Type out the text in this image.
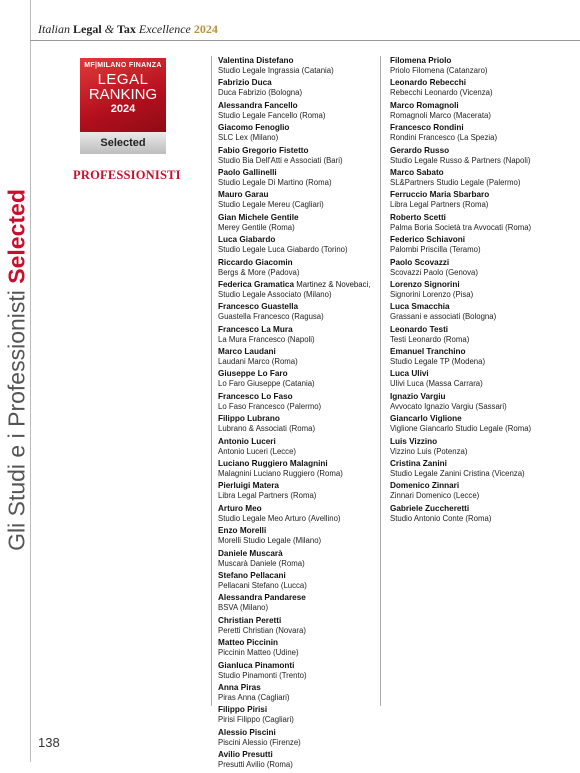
Italian Legal & Tax Excellence 2024
Gli Studi e i Professionisti Selected
MF|MILANO FINANZA
LEGAL
RANKING
2024
Selected
PROFESSIONISTI
Valentina Distefano
Studio Legale Ingrassia (Catania)
Fabrizio Duca
Duca Fabrizio (Bologna)
Alessandra Fancello
Studio Legale Fancello (Roma)
Giacomo Fenoglio
SLC Lex (Milano)
Fabio Gregorio Fistetto
Studio Bia Dell'Atti e Associati (Bari)
Paolo Gallinelli
Studio Legale Di Martino (Roma)
Mauro Garau
Studio Legale Mereu (Cagliari)
Gian Michele Gentile
Merey Gentile (Roma)
Luca Giabardo
Studio Legale Luca Giabardo (Torino)
Riccardo Giacomin
Bergs & More (Padova)
Federica Gramatica Martinez & Novebaci,
Studio Legale Associato (Milano)
Francesco Guastella
Guastella Francesco (Ragusa)
Francesco La Mura
La Mura Francesco (Napoli)
Marco Laudani
Laudani Marco (Roma)
Giuseppe Lo Faro
Lo Faro Giuseppe (Catania)
Francesco Lo Faso
Lo Faso Francesco (Palermo)
Filippo Lubrano
Lubrano & Associati (Roma)
Antonio Luceri
Antonio Luceri (Lecce)
Luciano Ruggiero Malagnini
Malagnini Luciano Ruggiero (Roma)
Pierluigi Matera
Libra Legal Partners (Roma)
Arturo Meo
Studio Legale Meo Arturo (Avellino)
Enzo Morelli
Morelli Studio Legale (Milano)
Daniele Muscarà
Muscarà Daniele (Roma)
Stefano Pellacani
Pellacani Stefano (Lucca)
Alessandra Pandarese
BSVA (Milano)
Christian Peretti
Peretti Christian (Novara)
Matteo Piccinin
Piccinin Matteo (Udine)
Gianluca Pinamonti
Studio Pinamonti (Trento)
Anna Piras
Piras Anna (Cagliari)
Filippo Pirisi
Pirisi Filippo (Cagliari)
Alessio Piscini
Piscini Alessio (Firenze)
Avilio Presutti
Presutti Avilio (Roma)
Filomena Priolo
Priolo Filomena (Catanzaro)
Leonardo Rebecchi
Rebecchi Leonardo (Vicenza)
Marco Romagnoli
Romagnoli Marco (Macerata)
Francesco Rondini
Rondini Francesco (La Spezia)
Gerardo Russo
Studio Legale Russo & Partners (Napoli)
Marco Sabato
SL&Partners Studio Legale (Palermo)
Ferruccio Maria Sbarbaro
Libra Legal Partners (Roma)
Roberto Scetti
Palma Boria Società tra Avvocati (Roma)
Federico Schiavoni
Palombi Priscilla (Teramo)
Paolo Scovazzi
Scovazzi Paolo (Genova)
Lorenzo Signorini
Signorini Lorenzo (Pisa)
Luca Smacchia
Grassani e associati (Bologna)
Leonardo Testi
Testi Leonardo (Roma)
Emanuel Tranchino
Studio Legale TP (Modena)
Luca Ulivi
Ulivi Luca (Massa Carrara)
Ignazio Vargiu
Avvocato Ignazio Vargiu (Sassari)
Giancarlo Viglione
Viglione Giancarlo Studio Legale (Roma)
Luis Vizzino
Vizzino Luis (Potenza)
Cristina Zanini
Studio Legale Zanini Cristina (Vicenza)
Domenico Zinnari
Zinnari Domenico (Lecce)
Gabriele Zuccheretti
Studio Antonio Conte (Roma)
138
